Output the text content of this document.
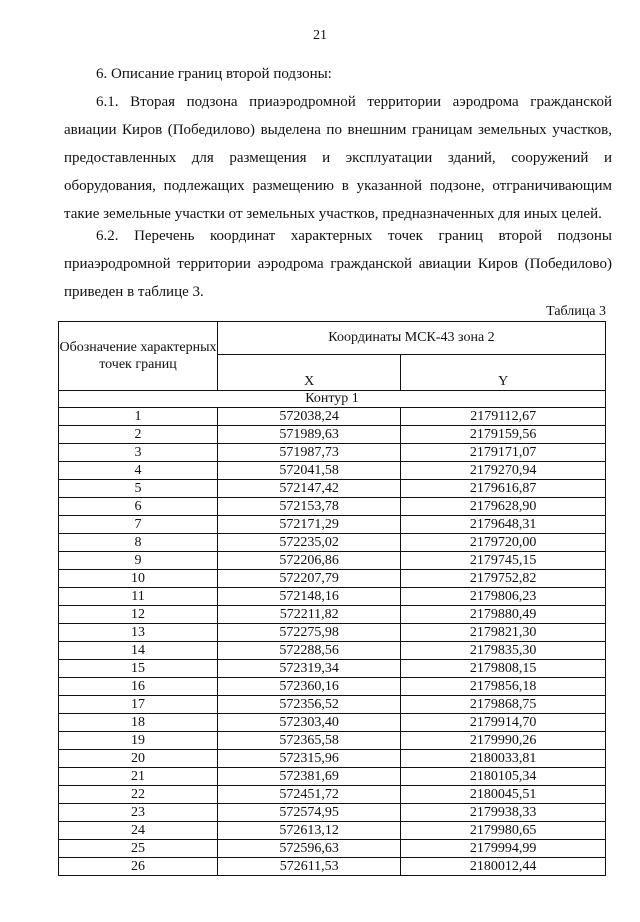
21
6. Описание границ второй подзоны:
6.1. Вторая подзона приаэродромной территории аэродрома гражданской
авиации Киров (Победилово) выделена по внешним границам земельных участков,
предоставленных для размещения и эксплуатации зданий, сооружений и
оборудования, подлежащих размещению в указанной подзоне, отграничивающим
такие земельные участки от земельных участков, предназначенных для иных целей.
6.2. Перечень координат характерных точек границ второй подзоны
приаэродромной территории аэродрома гражданской авиации Киров (Победилово)
приведен в таблице 3.
Таблица 3
Обозначение характерных точек границ	Координаты МСК-43 зона 2	
	X	Y
Контур 1		
1	572038,24	2179112,67
2	571989,63	2179159,56
3	571987,73	2179171,07
4	572041,58	2179270,94
5	572147,42	2179616,87
6	572153,78	2179628,90
7	572171,29	2179648,31
8	572235,02	2179720,00
9	572206,86	2179745,15
10	572207,79	2179752,82
11	572148,16	2179806,23
12	572211,82	2179880,49
13	572275,98	2179821,30
14	572288,56	2179835,30
15	572319,34	2179808,15
16	572360,16	2179856,18
17	572356,52	2179868,75
18	572303,40	2179914,70
19	572365,58	2179990,26
20	572315,96	2180033,81
21	572381,69	2180105,34
22	572451,72	2180045,51
23	572574,95	2179938,33
24	572613,12	2179980,65
25	572596,63	2179994,99
26	572611,53	2180012,44
